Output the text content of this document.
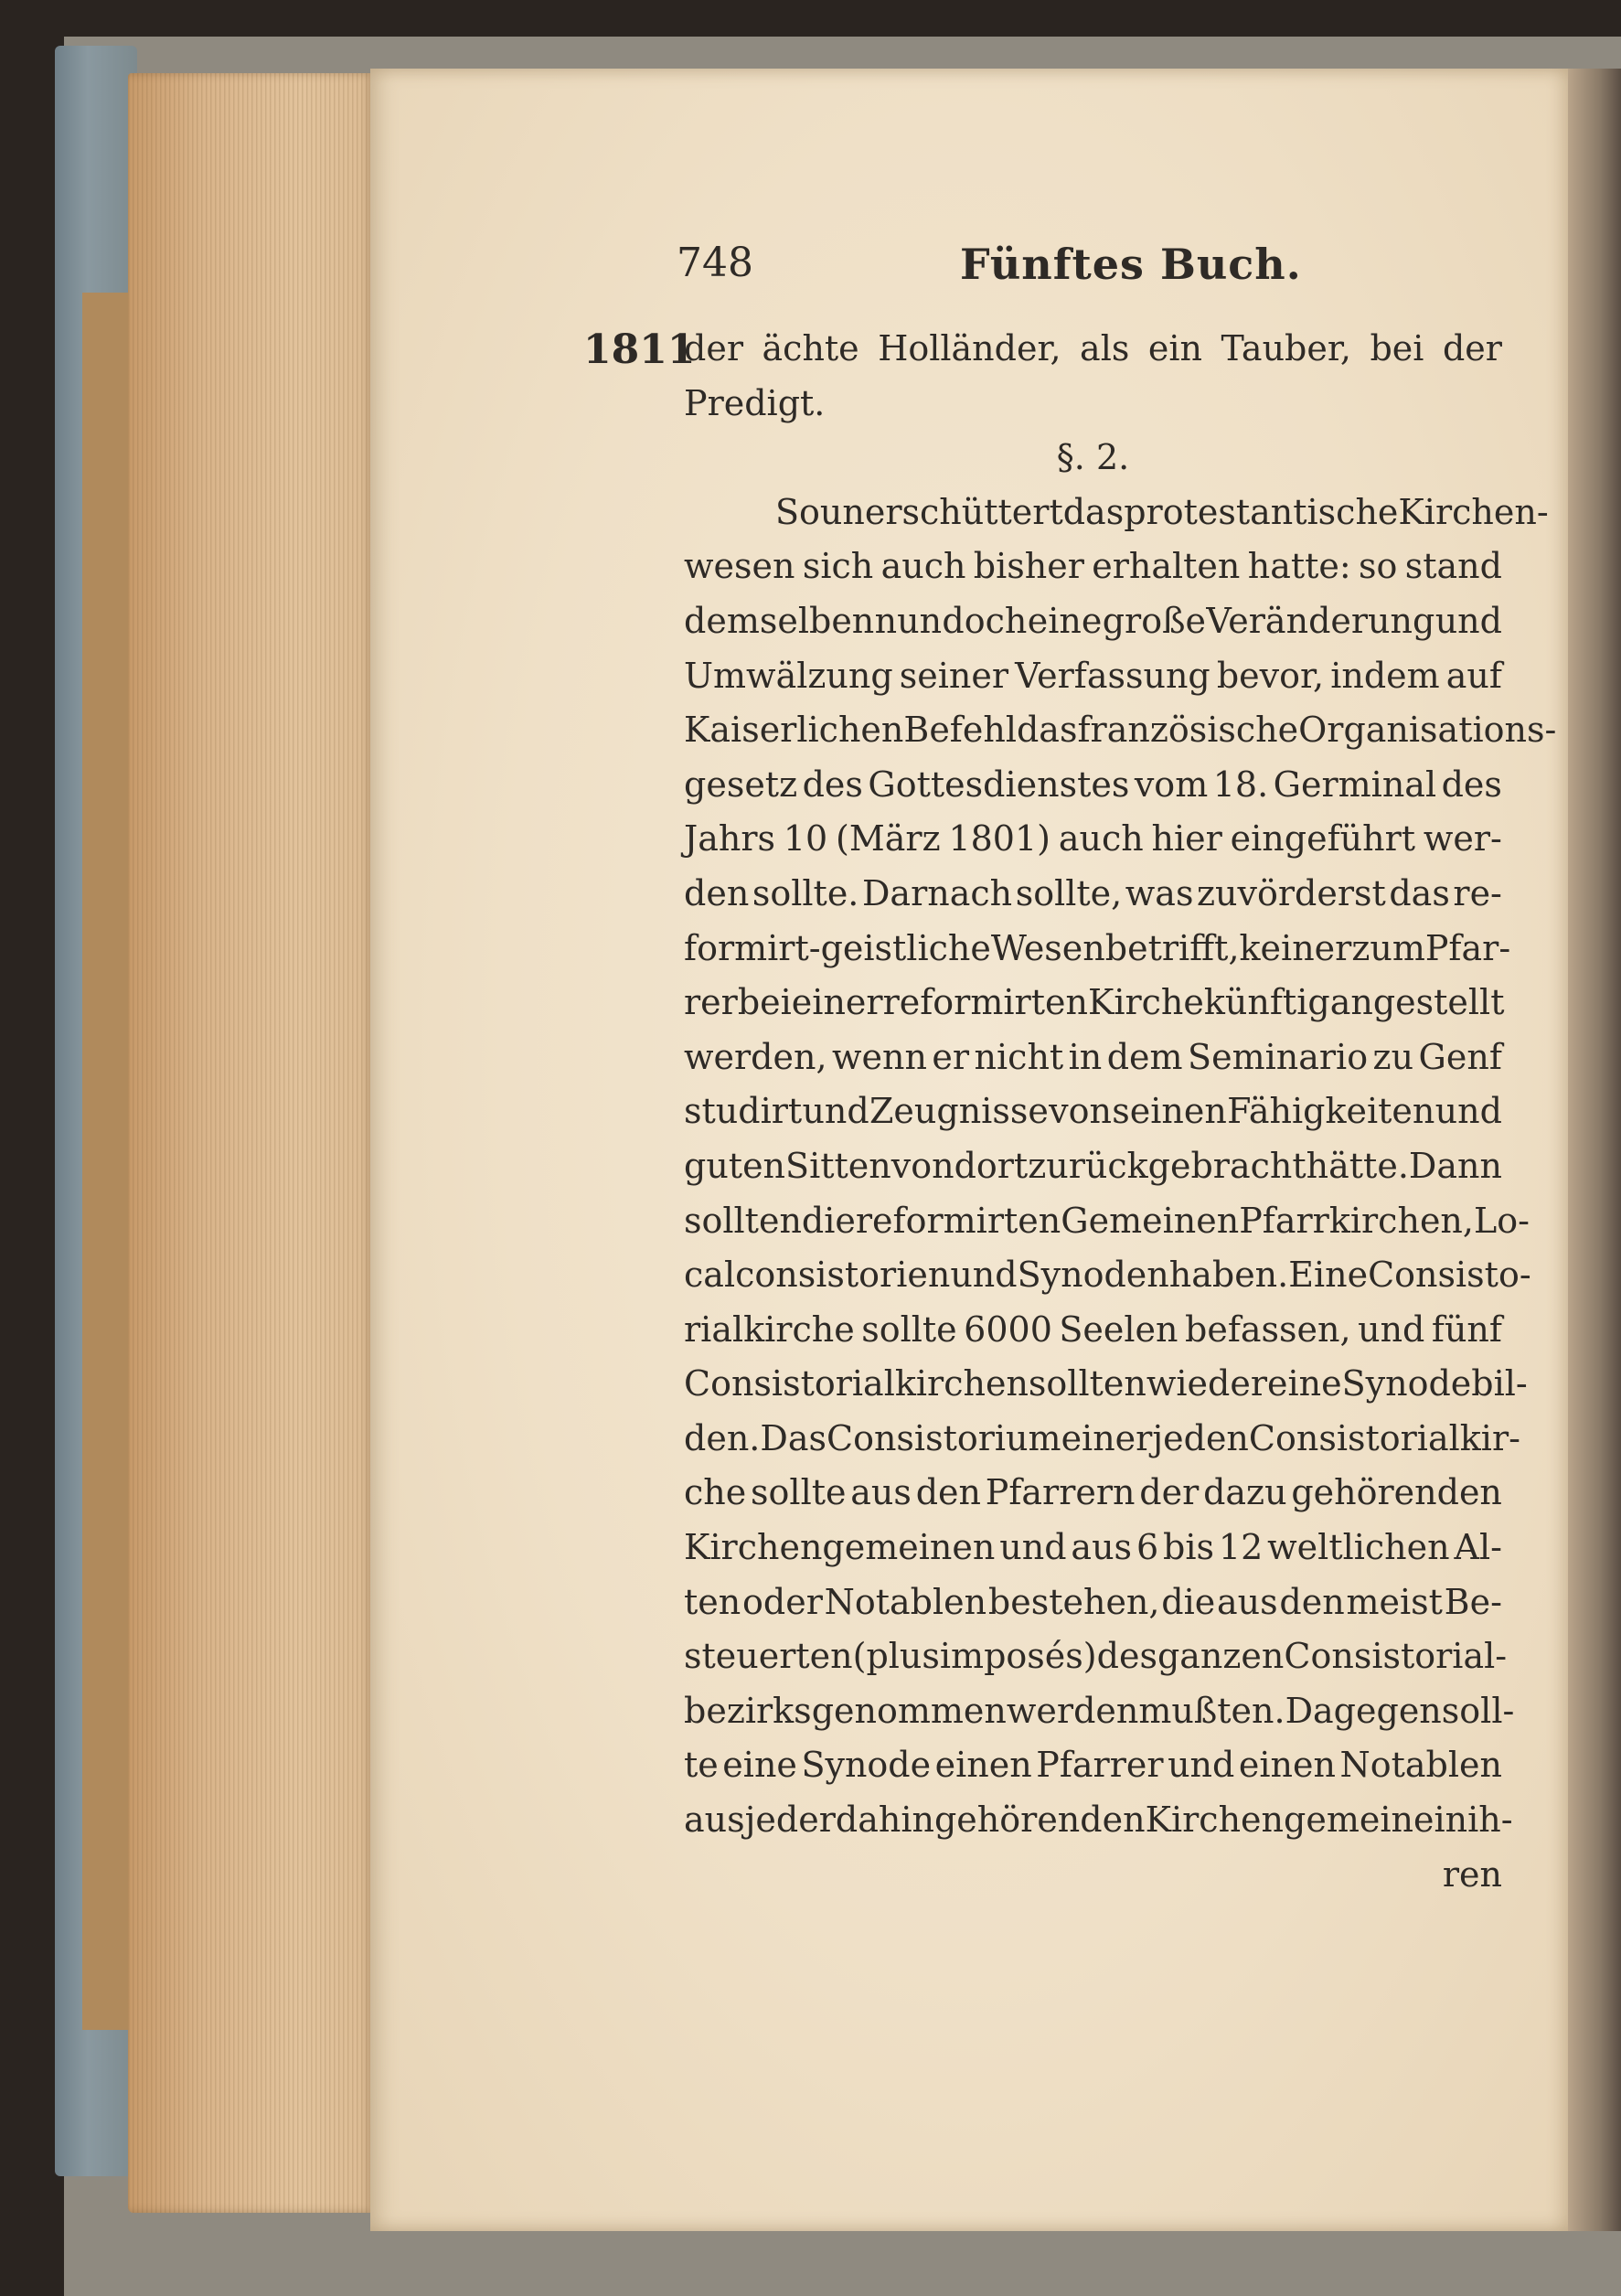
748	Fünftes Buch.
1811
der ächte Holländer, als ein Tauber, bei der
Predigt.
§. 2.
So unerschüttert das protestantische Kirchen-
wesen sich auch bisher erhalten hatte: so stand
demselben nun doch eine große Veränderung und
Umwälzung seiner Verfassung bevor, indem auf
Kaiserlichen Befehl das französische Organisations-
gesetz des Gottesdienstes vom 18. Germinal des
Jahrs 10 (März 1801) auch hier eingeführt wer-
den sollte. Darnach sollte, was zuvörderst das re-
formirt-geistliche Wesen betrifft, keiner zum Pfar-
rer bei einer reformirten Kirche künftig angestellt
werden, wenn er nicht in dem Seminario zu Genf
studirt und Zeugnisse von seinen Fähigkeiten und
guten Sitten von dort zurück gebracht hätte. Dann
sollten die reformirten Gemeinen Pfarrkirchen, Lo-
calconsistorien und Synoden haben. Eine Consisto-
rialkirche sollte 6000 Seelen befassen, und fünf
Consistorialkirchen sollten wieder eine Synode bil-
den. Das Consistorium einer jeden Consistorialkir-
che sollte aus den Pfarrern der dazu gehörenden
Kirchengemeinen und aus 6 bis 12 weltlichen Al-
ten oder Notablen bestehen, die aus den meist Be-
steuerten (plus imposés) des ganzen Consistorial-
bezirks genommen werden mußten. Dagegen soll-
te eine Synode einen Pfarrer und einen Notablen
aus jeder dahin gehörenden Kirchengemeine in ih-
ren
